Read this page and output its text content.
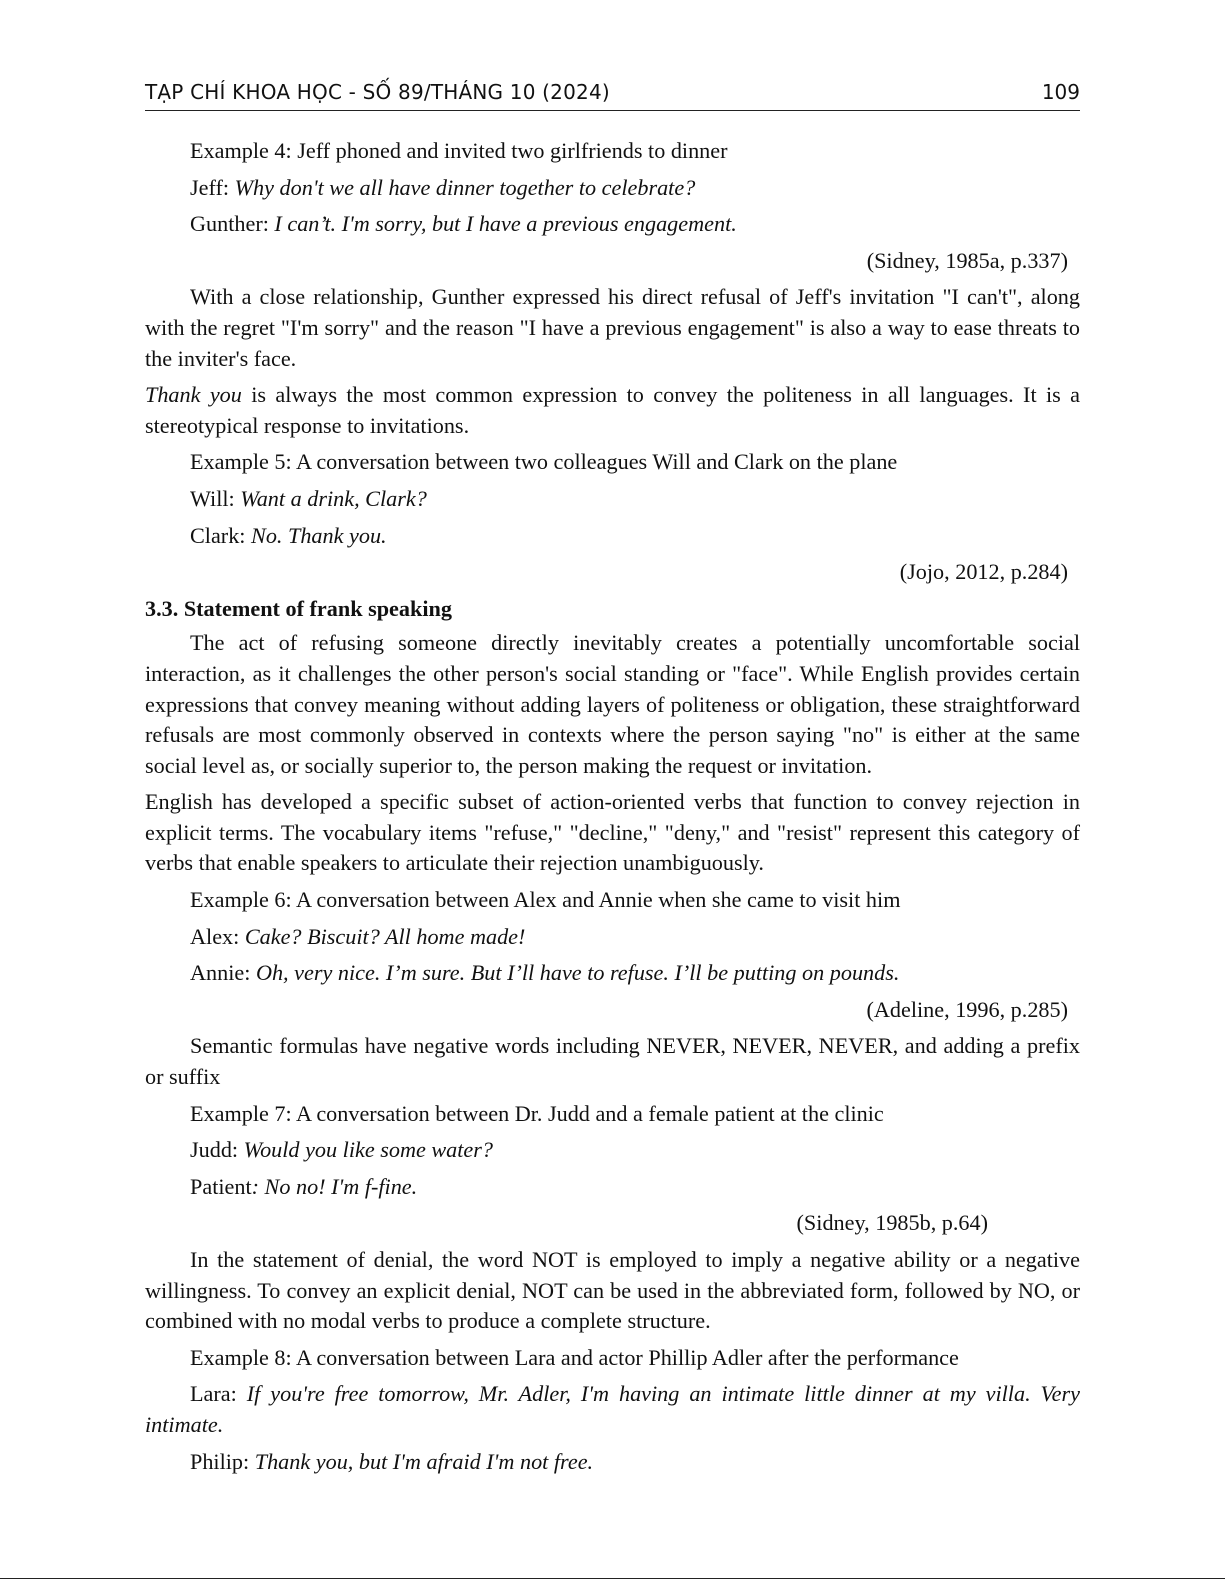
TẠP CHÍ KHOA HỌC - SỐ 89/THÁNG 10 (2024)	109

Example 4: Jeff phoned and invited two girlfriends to dinner

Jeff: Why don't we all have dinner together to celebrate?

Gunther: I can’t. I'm sorry, but I have a previous engagement.

(Sidney, 1985a, p.337)

With a close relationship, Gunther expressed his direct refusal of Jeff's invitation "I can't", along with the regret "I'm sorry" and the reason "I have a previous engagement" is also a way to ease threats to the inviter's face.

Thank you is always the most common expression to convey the politeness in all languages. It is a stereotypical response to invitations.

Example 5: A conversation between two colleagues Will and Clark on the plane

Will: Want a drink, Clark?

Clark: No. Thank you.

(Jojo, 2012, p.284)

3.3. Statement of frank speaking

The act of refusing someone directly inevitably creates a potentially uncomfortable social interaction, as it challenges the other person's social standing or "face". While English provides certain expressions that convey meaning without adding layers of politeness or obligation, these straightforward refusals are most commonly observed in contexts where the person saying "no" is either at the same social level as, or socially superior to, the person making the request or invitation.

English has developed a specific subset of action-oriented verbs that function to convey rejection in explicit terms. The vocabulary items "refuse," "decline," "deny," and "resist" represent this category of verbs that enable speakers to articulate their rejection unambiguously.

Example 6: A conversation between Alex and Annie when she came to visit him

Alex: Cake? Biscuit? All home made!

Annie: Oh, very nice. I’m sure. But I’ll have to refuse. I’ll be putting on pounds.

(Adeline, 1996, p.285)

Semantic formulas have negative words including NEVER, NEVER, NEVER, and adding a prefix or suffix

Example 7: A conversation between Dr. Judd and a female patient at the clinic

Judd: Would you like some water?

Patient: No no! I'm f-fine.

(Sidney, 1985b, p.64)

In the statement of denial, the word NOT is employed to imply a negative ability or a negative willingness. To convey an explicit denial, NOT can be used in the abbreviated form, followed by NO, or combined with no modal verbs to produce a complete structure.

Example 8: A conversation between Lara and actor Phillip Adler after the performance

Lara: If you're free tomorrow, Mr. Adler, I'm having an intimate little dinner at my villa. Very intimate.

Philip: Thank you, but I'm afraid I'm not free.
